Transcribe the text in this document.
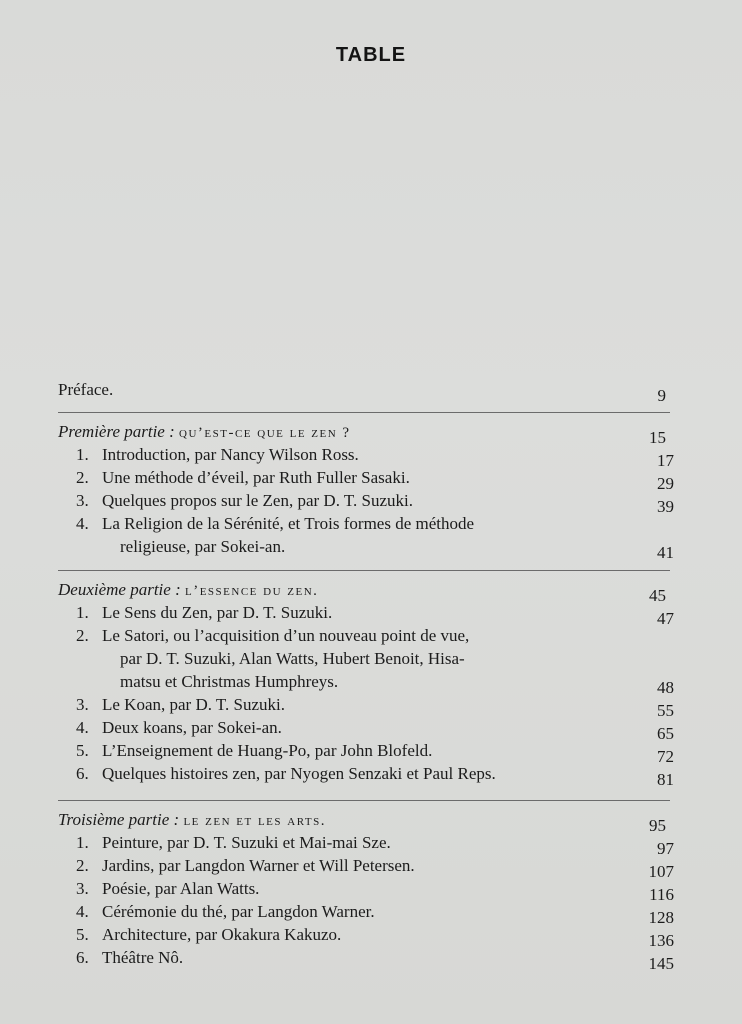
TABLE
Préface.	9
Première partie : qu’est-ce que le zen ?	15
1. Introduction, par Nancy Wilson Ross.	17
2. Une méthode d’éveil, par Ruth Fuller Sasaki.	29
3. Quelques propos sur le Zen, par D. T. Suzuki.	39
4. La Religion de la Sérénité, et Trois formes de méthode
religieuse, par Sokei-an.	41
Deuxième partie : l’essence du zen.	45
1. Le Sens du Zen, par D. T. Suzuki.	47
2. Le Satori, ou l’acquisition d’un nouveau point de vue,
par D. T. Suzuki, Alan Watts, Hubert Benoit, Hisa-
matsu et Christmas Humphreys.	48
3. Le Koan, par D. T. Suzuki.	55
4. Deux koans, par Sokei-an.	65
5. L’Enseignement de Huang-Po, par John Blofeld.	72
6. Quelques histoires zen, par Nyogen Senzaki et Paul Reps.	81
Troisième partie : le zen et les arts.	95
1. Peinture, par D. T. Suzuki et Mai-mai Sze.	97
2. Jardins, par Langdon Warner et Will Petersen.	107
3. Poésie, par Alan Watts.	116
4. Cérémonie du thé, par Langdon Warner.	128
5. Architecture, par Okakura Kakuzo.	136
6. Théâtre Nô.	145
